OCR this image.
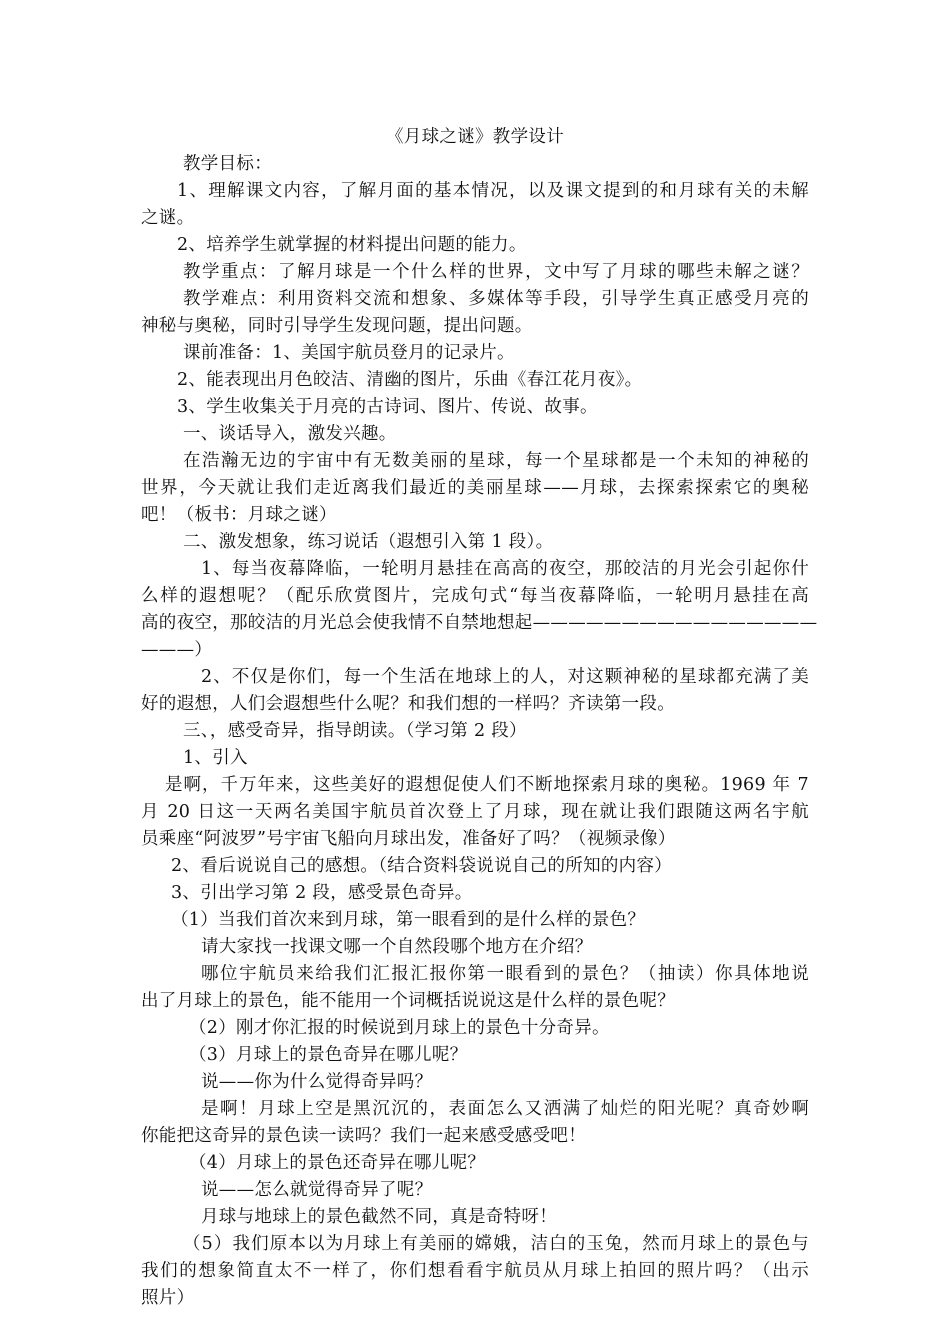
《月球之谜》教学设计
教学目标：
1、理解课文内容，了解月面的基本情况，以及课文提到的和月球有关的未解
之谜。
2、培养学生就掌握的材料提出问题的能力。
教学重点：了解月球是一个什么样的世界，文中写了月球的哪些未解之谜？
教学难点：利用资料交流和想象、多媒体等手段，引导学生真正感受月亮的
神秘与奥秘，同时引导学生发现问题，提出问题。
课前准备：1、美国宇航员登月的记录片。
2、能表现出月色皎洁、清幽的图片，乐曲《春江花月夜》。
3、学生收集关于月亮的古诗词、图片、传说、故事。
一、谈话导入，激发兴趣。
在浩瀚无边的宇宙中有无数美丽的星球，每一个星球都是一个未知的神秘的
世界，今天就让我们走近离我们最近的美丽星球——月球，去探索探索它的奥秘
吧！（板书：月球之谜）
二、激发想象，练习说话（遐想引入第 1 段）。
1、每当夜幕降临，一轮明月悬挂在高高的夜空，那皎洁的月光会引起你什
么样的遐想呢？（配乐欣赏图片，完成句式“每当夜幕降临，一轮明月悬挂在高
高的夜空，那皎洁的月光总会使我情不自禁地想起————————————————
———）
2、不仅是你们，每一个生活在地球上的人，对这颗神秘的星球都充满了美
好的遐想，人们会遐想些什么呢？和我们想的一样吗？齐读第一段。
三、，感受奇异，指导朗读。（学习第 2 段）
1、引入
是啊，千万年来，这些美好的遐想促使人们不断地探索月球的奥秘。1969 年 7
月 20 日这一天两名美国宇航员首次登上了月球，现在就让我们跟随这两名宇航
员乘座“阿波罗”号宇宙飞船向月球出发，准备好了吗？（视频录像）
2、看后说说自己的感想。（结合资料袋说说自己的所知的内容）
3、引出学习第 2 段，感受景色奇异。
（1）当我们首次来到月球，第一眼看到的是什么样的景色？
请大家找一找课文哪一个自然段哪个地方在介绍？
哪位宇航员来给我们汇报汇报你第一眼看到的景色？（抽读）你具体地说
出了月球上的景色，能不能用一个词概括说说这是什么样的景色呢？
（2）刚才你汇报的时候说到月球上的景色十分奇异。
（3）月球上的景色奇异在哪儿呢？
说——你为什么觉得奇异吗？
是啊！月球上空是黑沉沉的，表面怎么又洒满了灿烂的阳光呢？真奇妙啊
你能把这奇异的景色读一读吗？我们一起来感受感受吧！
（4）月球上的景色还奇异在哪儿呢？
说——怎么就觉得奇异了呢？
月球与地球上的景色截然不同，真是奇特呀！
（5）我们原本以为月球上有美丽的嫦娥，洁白的玉兔，然而月球上的景色与
我们的想象简直太不一样了，你们想看看宇航员从月球上拍回的照片吗？（出示
照片）
